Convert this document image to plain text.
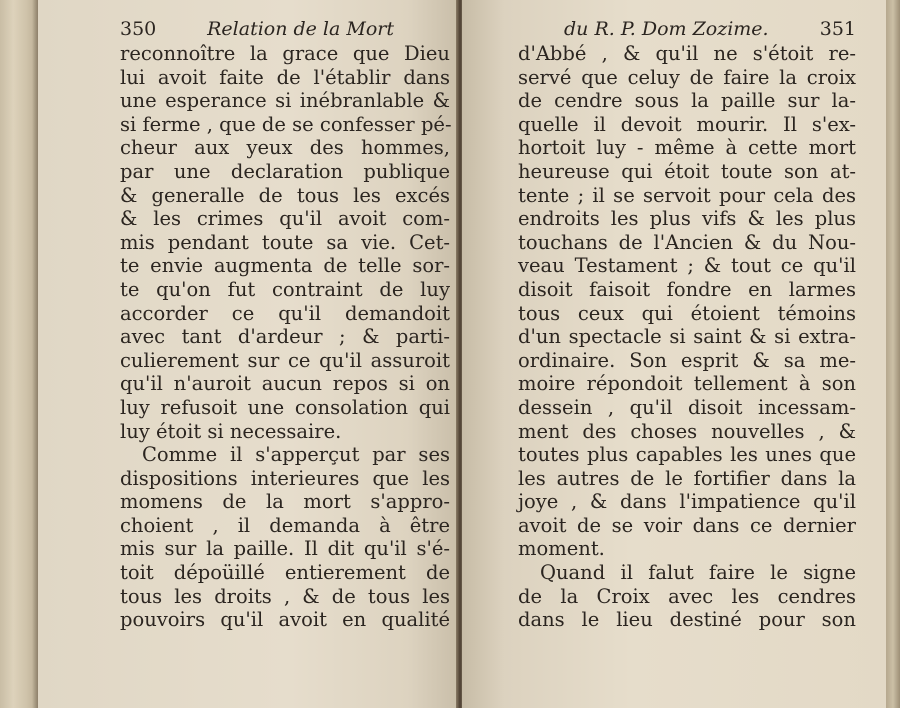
350	Relation de la Mort
reconnoître la grace que Dieu
lui avoit faite de l'établir dans
une esperance si inébranlable &
si ferme , que de se confesser pé-
cheur aux yeux des hommes,
par une declaration publique
& generalle de tous les excés
& les crimes qu'il avoit com-
mis pendant toute sa vie. Cet-
te envie augmenta de telle sor-
te qu'on fut contraint de luy
accorder ce qu'il demandoit
avec tant d'ardeur ; & parti-
culierement sur ce qu'il assuroit
qu'il n'auroit aucun repos si on
luy refusoit une consolation qui
luy étoit si necessaire.
Comme il s'apperçut par ses
dispositions interieures que les
momens de la mort s'appro-
choient , il demanda à être
mis sur la paille. Il dit qu'il s'é-
toit dépoüillé entierement de
tous les droits , & de tous les
pouvoirs qu'il avoit en qualité
du R. P. Dom Zozime.	351
d'Abbé , & qu'il ne s'étoit re-
servé que celuy de faire la croix
de cendre sous la paille sur la-
quelle il devoit mourir. Il s'ex-
hortoit luy - même à cette mort
heureuse qui étoit toute son at-
tente ; il se servoit pour cela des
endroits les plus vifs & les plus
touchans de l'Ancien & du Nou-
veau Testament ; & tout ce qu'il
disoit faisoit fondre en larmes
tous ceux qui étoient témoins
d'un spectacle si saint & si extra-
ordinaire. Son esprit & sa me-
moire répondoit tellement à son
dessein , qu'il disoit incessam-
ment des choses nouvelles , &
toutes plus capables les unes que
les autres de le fortifier dans la
joye , & dans l'impatience qu'il
avoit de se voir dans ce dernier
moment.
Quand il falut faire le signe
de la Croix avec les cendres
dans le lieu destiné pour son
